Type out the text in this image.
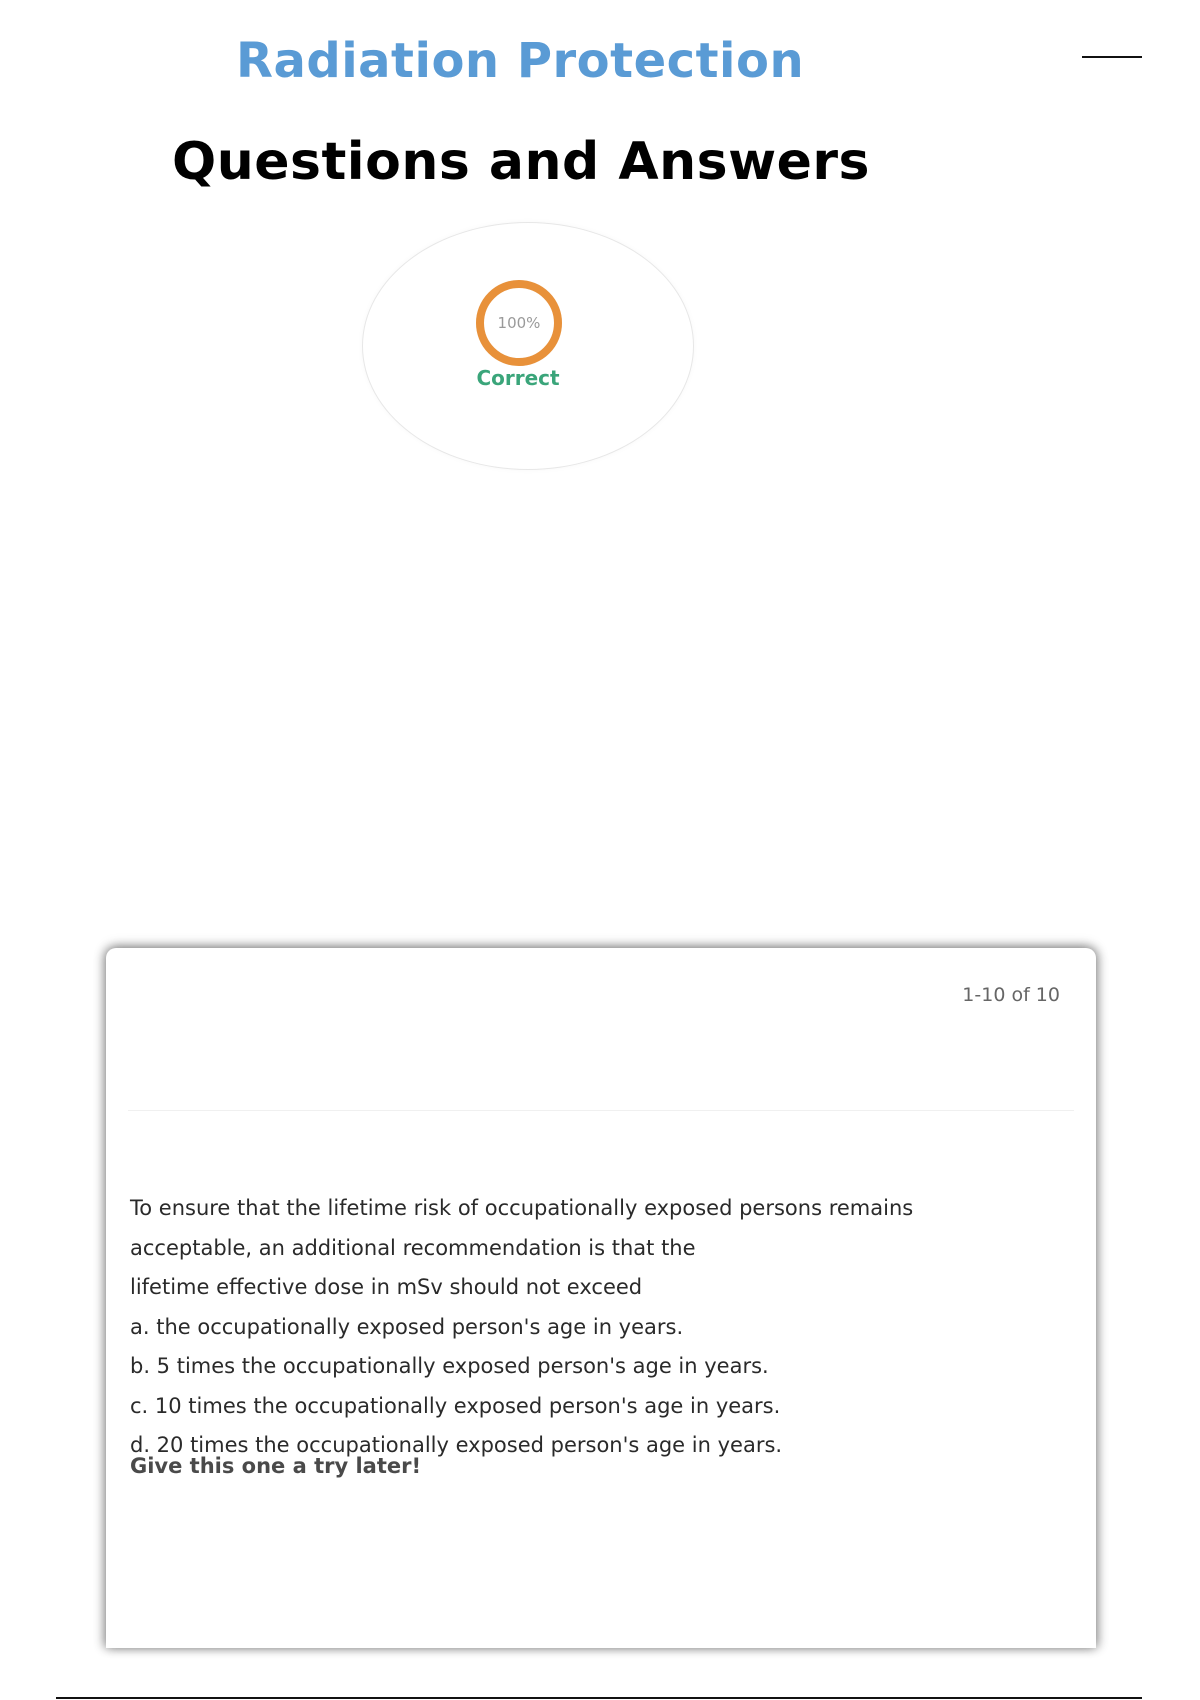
Radiation Protection
Questions and Answers
100%
Correct
1-10 of 10

To ensure that the lifetime risk of occupationally exposed persons remains

acceptable, an additional recommendation is that the

lifetime effective dose in mSv should not exceed

a. the occupationally exposed person's age in years.

b. 5 times the occupationally exposed person's age in years.

c. 10 times the occupationally exposed person's age in years.

d. 20 times the occupationally exposed person's age in years.

Give this one a try later!
